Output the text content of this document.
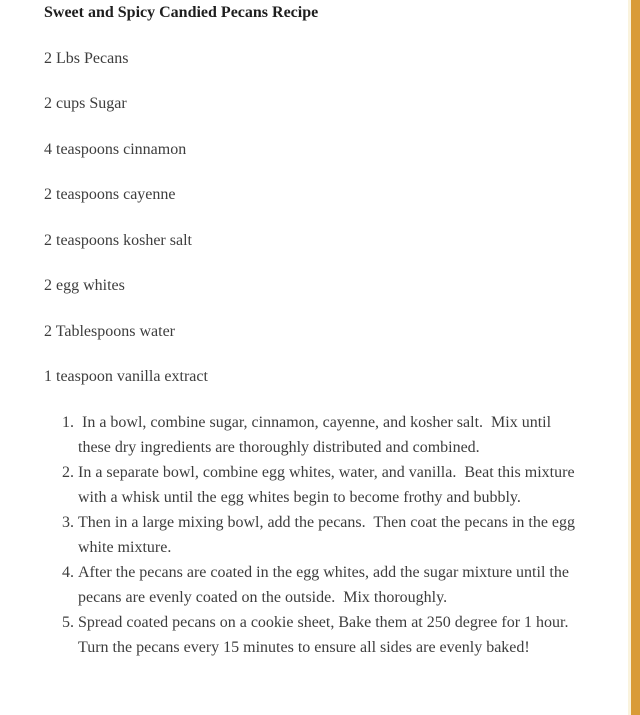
Sweet and Spicy Candied Pecans Recipe

2 Lbs Pecans

2 cups Sugar

4 teaspoons cinnamon

2 teaspoons cayenne

2 teaspoons kosher salt

2 egg whites

2 Tablespoons water

1 teaspoon vanilla extract

1.  In a bowl, combine sugar, cinnamon, cayenne, and kosher salt.  Mix until these dry ingredients are thoroughly distributed and combined.
2. In a separate bowl, combine egg whites, water, and vanilla.  Beat this mixture with a whisk until the egg whites begin to become frothy and bubbly.
3. Then in a large mixing bowl, add the pecans.  Then coat the pecans in the egg white mixture.
4. After the pecans are coated in the egg whites, add the sugar mixture until the pecans are evenly coated on the outside.  Mix thoroughly.
5. Spread coated pecans on a cookie sheet, Bake them at 250 degree for 1 hour.  Turn the pecans every 15 minutes to ensure all sides are evenly baked!
